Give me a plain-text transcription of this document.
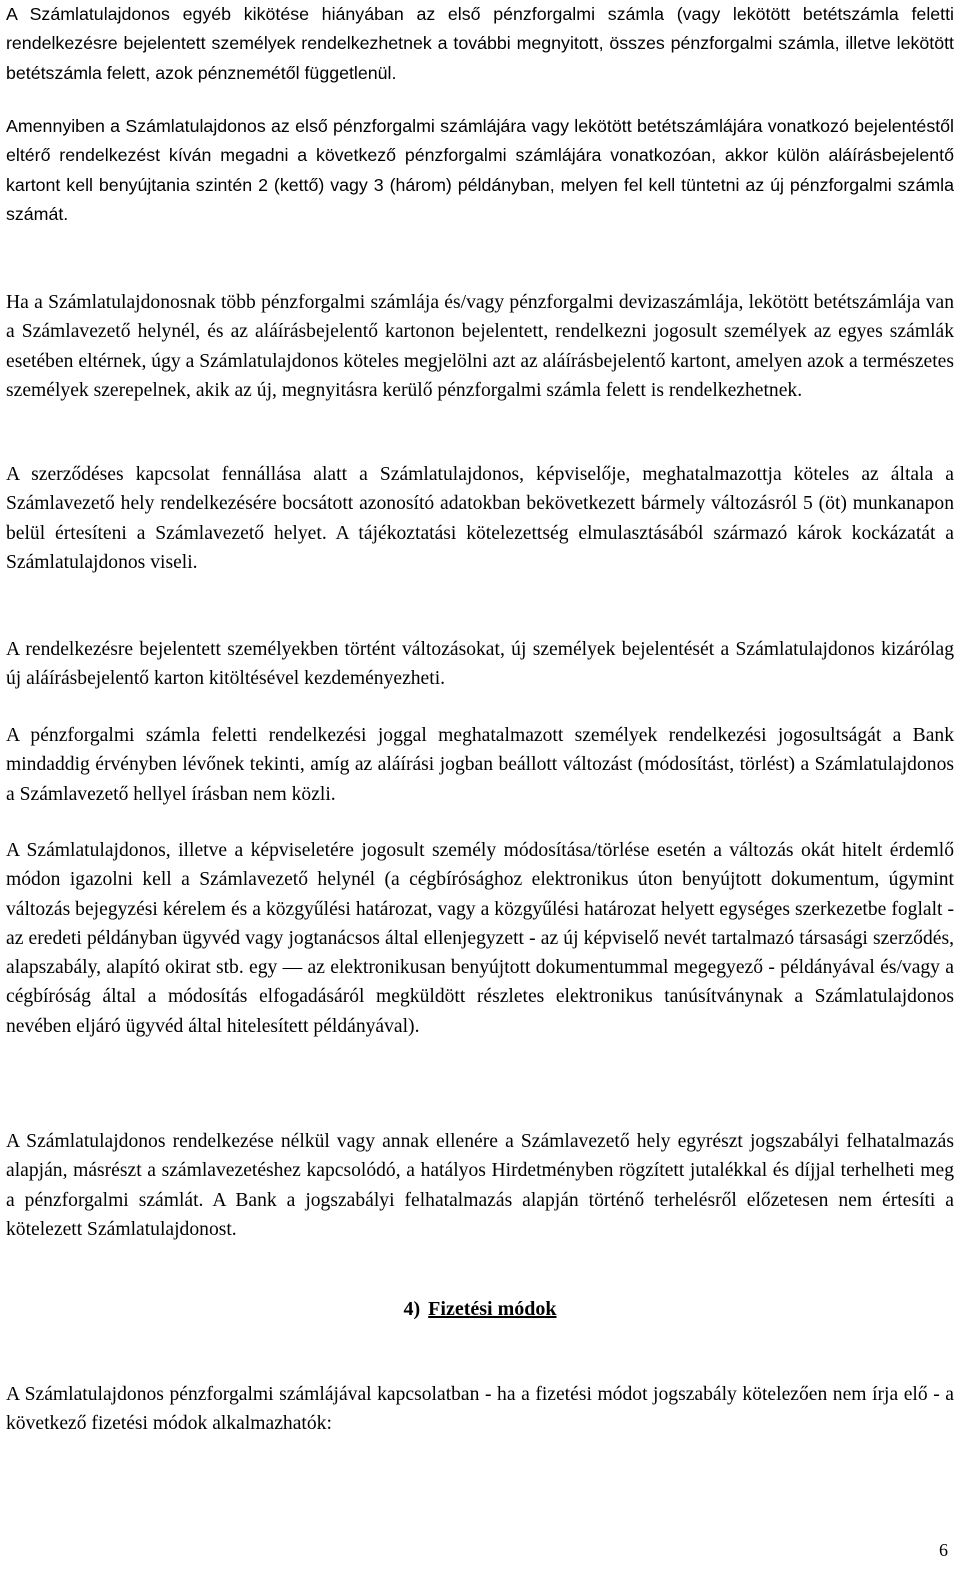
A Számlatulajdonos egyéb kikötése hiányában az első pénzforgalmi számla (vagy lekötött betétszámla feletti rendelkezésre bejelentett személyek rendelkezhetnek a további megnyitott, összes pénzforgalmi számla, illetve lekötött betétszámla felett, azok pénznemétől függetlenül.

Amennyiben a Számlatulajdonos az első pénzforgalmi számlájára vagy lekötött betétszámlájára vonatkozó bejelentéstől eltérő rendelkezést kíván megadni a következő pénzforgalmi számlájára vonatkozóan, akkor külön aláírásbejelentő kartont kell benyújtania szintén 2 (kettő) vagy 3 (három) példányban, melyen fel kell tüntetni az új pénzforgalmi számla számát.

Ha a Számlatulajdonosnak több pénzforgalmi számlája és/vagy pénzforgalmi devizaszámlája, lekötött betétszámlája van a Számlavezető helynél, és az aláírásbejelentő kartonon bejelentett, rendelkezni jogosult személyek az egyes számlák esetében eltérnek, úgy a Számlatulajdonos köteles megjelölni azt az aláírásbejelentő kartont, amelyen azok a természetes személyek szerepelnek, akik az új, megnyitásra kerülő pénzforgalmi számla felett is rendelkezhetnek.

A szerződéses kapcsolat fennállása alatt a Számlatulajdonos, képviselője, meghatalmazottja köteles az általa a Számlavezető hely rendelkezésére bocsátott azonosító adatokban bekövetkezett bármely változásról 5 (öt) munkanapon belül értesíteni a Számlavezető helyet. A tájékoztatási kötelezettség elmulasztásából származó károk kockázatát a Számlatulajdonos viseli.

A rendelkezésre bejelentett személyekben történt változásokat, új személyek bejelentését a Számlatulajdonos kizárólag új aláírásbejelentő karton kitöltésével kezdeményezheti.

A pénzforgalmi számla feletti rendelkezési joggal meghatalmazott személyek rendelkezési jogosultságát a Bank mindaddig érvényben lévőnek tekinti, amíg az aláírási jogban beállott változást (módosítást, törlést) a Számlatulajdonos a Számlavezető hellyel írásban nem közli.

A Számlatulajdonos, illetve a képviseletére jogosult személy módosítása/törlése esetén a változás okát hitelt érdemlő módon igazolni kell a Számlavezető helynél (a cégbírósághoz elektronikus úton benyújtott dokumentum, úgymint változás bejegyzési kérelem és a közgyűlési határozat, vagy a közgyűlési határozat helyett egységes szerkezetbe foglalt - az eredeti példányban ügyvéd vagy jogtanácsos által ellenjegyzett - az új képviselő nevét tartalmazó társasági szerződés, alapszabály, alapító okirat stb. egy — az elektronikusan benyújtott dokumentummal megegyező - példányával és/vagy a cégbíróság által a módosítás elfogadásáról megküldött részletes elektronikus tanúsítványnak a Számlatulajdonos nevében eljáró ügyvéd által hitelesített példányával).

A Számlatulajdonos rendelkezése nélkül vagy annak ellenére a Számlavezető hely egyrészt jogszabályi felhatalmazás alapján, másrészt a számlavezetéshez kapcsolódó, a hatályos Hirdetményben rögzített jutalékkal és díjjal terhelheti meg a pénzforgalmi számlát. A Bank a jogszabályi felhatalmazás alapján történő terhelésről előzetesen nem értesíti a kötelezett Számlatulajdonost.

4) Fizetési módok

A Számlatulajdonos pénzforgalmi számlájával kapcsolatban - ha a fizetési módot jogszabály kötelezően nem írja elő - a következő fizetési módok alkalmazhatók:

6
